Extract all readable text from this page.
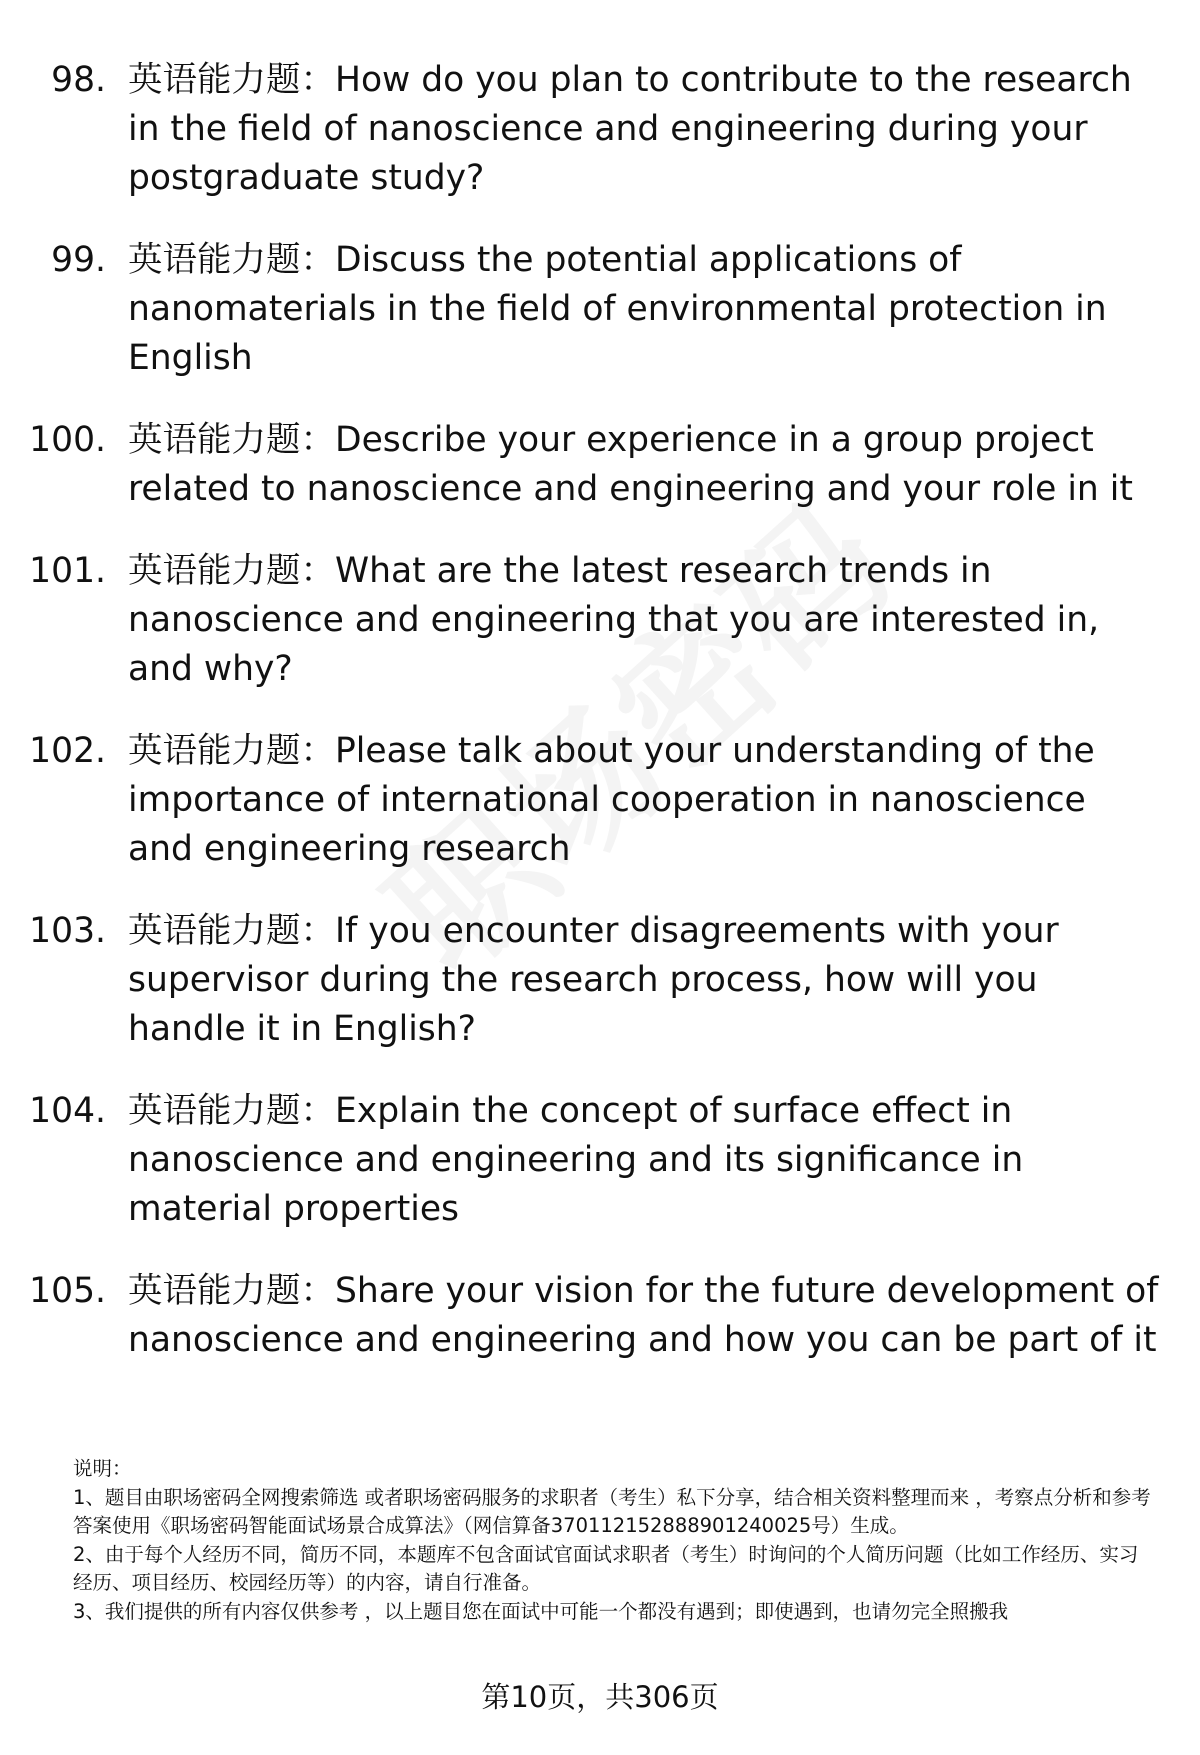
98. 英语能力题：How do you plan to contribute to the research in the field of nanoscience and engineering during your postgraduate study?
99. 英语能力题：Discuss the potential applications of nanomaterials in the field of environmental protection in English
100. 英语能力题：Describe your experience in a group project related to nanoscience and engineering and your role in it
101. 英语能力题：What are the latest research trends in nanoscience and engineering that you are interested in, and why?
102. 英语能力题：Please talk about your understanding of the importance of international cooperation in nanoscience and engineering research
103. 英语能力题：If you encounter disagreements with your supervisor during the research process, how will you handle it in English?
104. 英语能力题：Explain the concept of surface effect in nanoscience and engineering and its significance in material properties
105. 英语能力题：Share your vision for the future development of nanoscience and engineering and how you can be part of it

说明：

1、题目由职场密码全网搜索筛选 或者职场密码服务的求职者（考生）私下分享，结合相关资料整理而来 ，考察点分析和参考答案使用《职场密码智能面试场景合成算法》（网信算备370112152888901240025号）生成。

2、由于每个人经历不同，简历不同，本题库不包含面试官面试求职者（考生）时询问的个人简历问题（比如工作经历、实习经历、项目经历、校园经历等）的内容，请自行准备。

3、我们提供的所有内容仅供参考 ，以上题目您在面试中可能一个都没有遇到；即使遇到，也请勿完全照搬我

第10页，共306页
